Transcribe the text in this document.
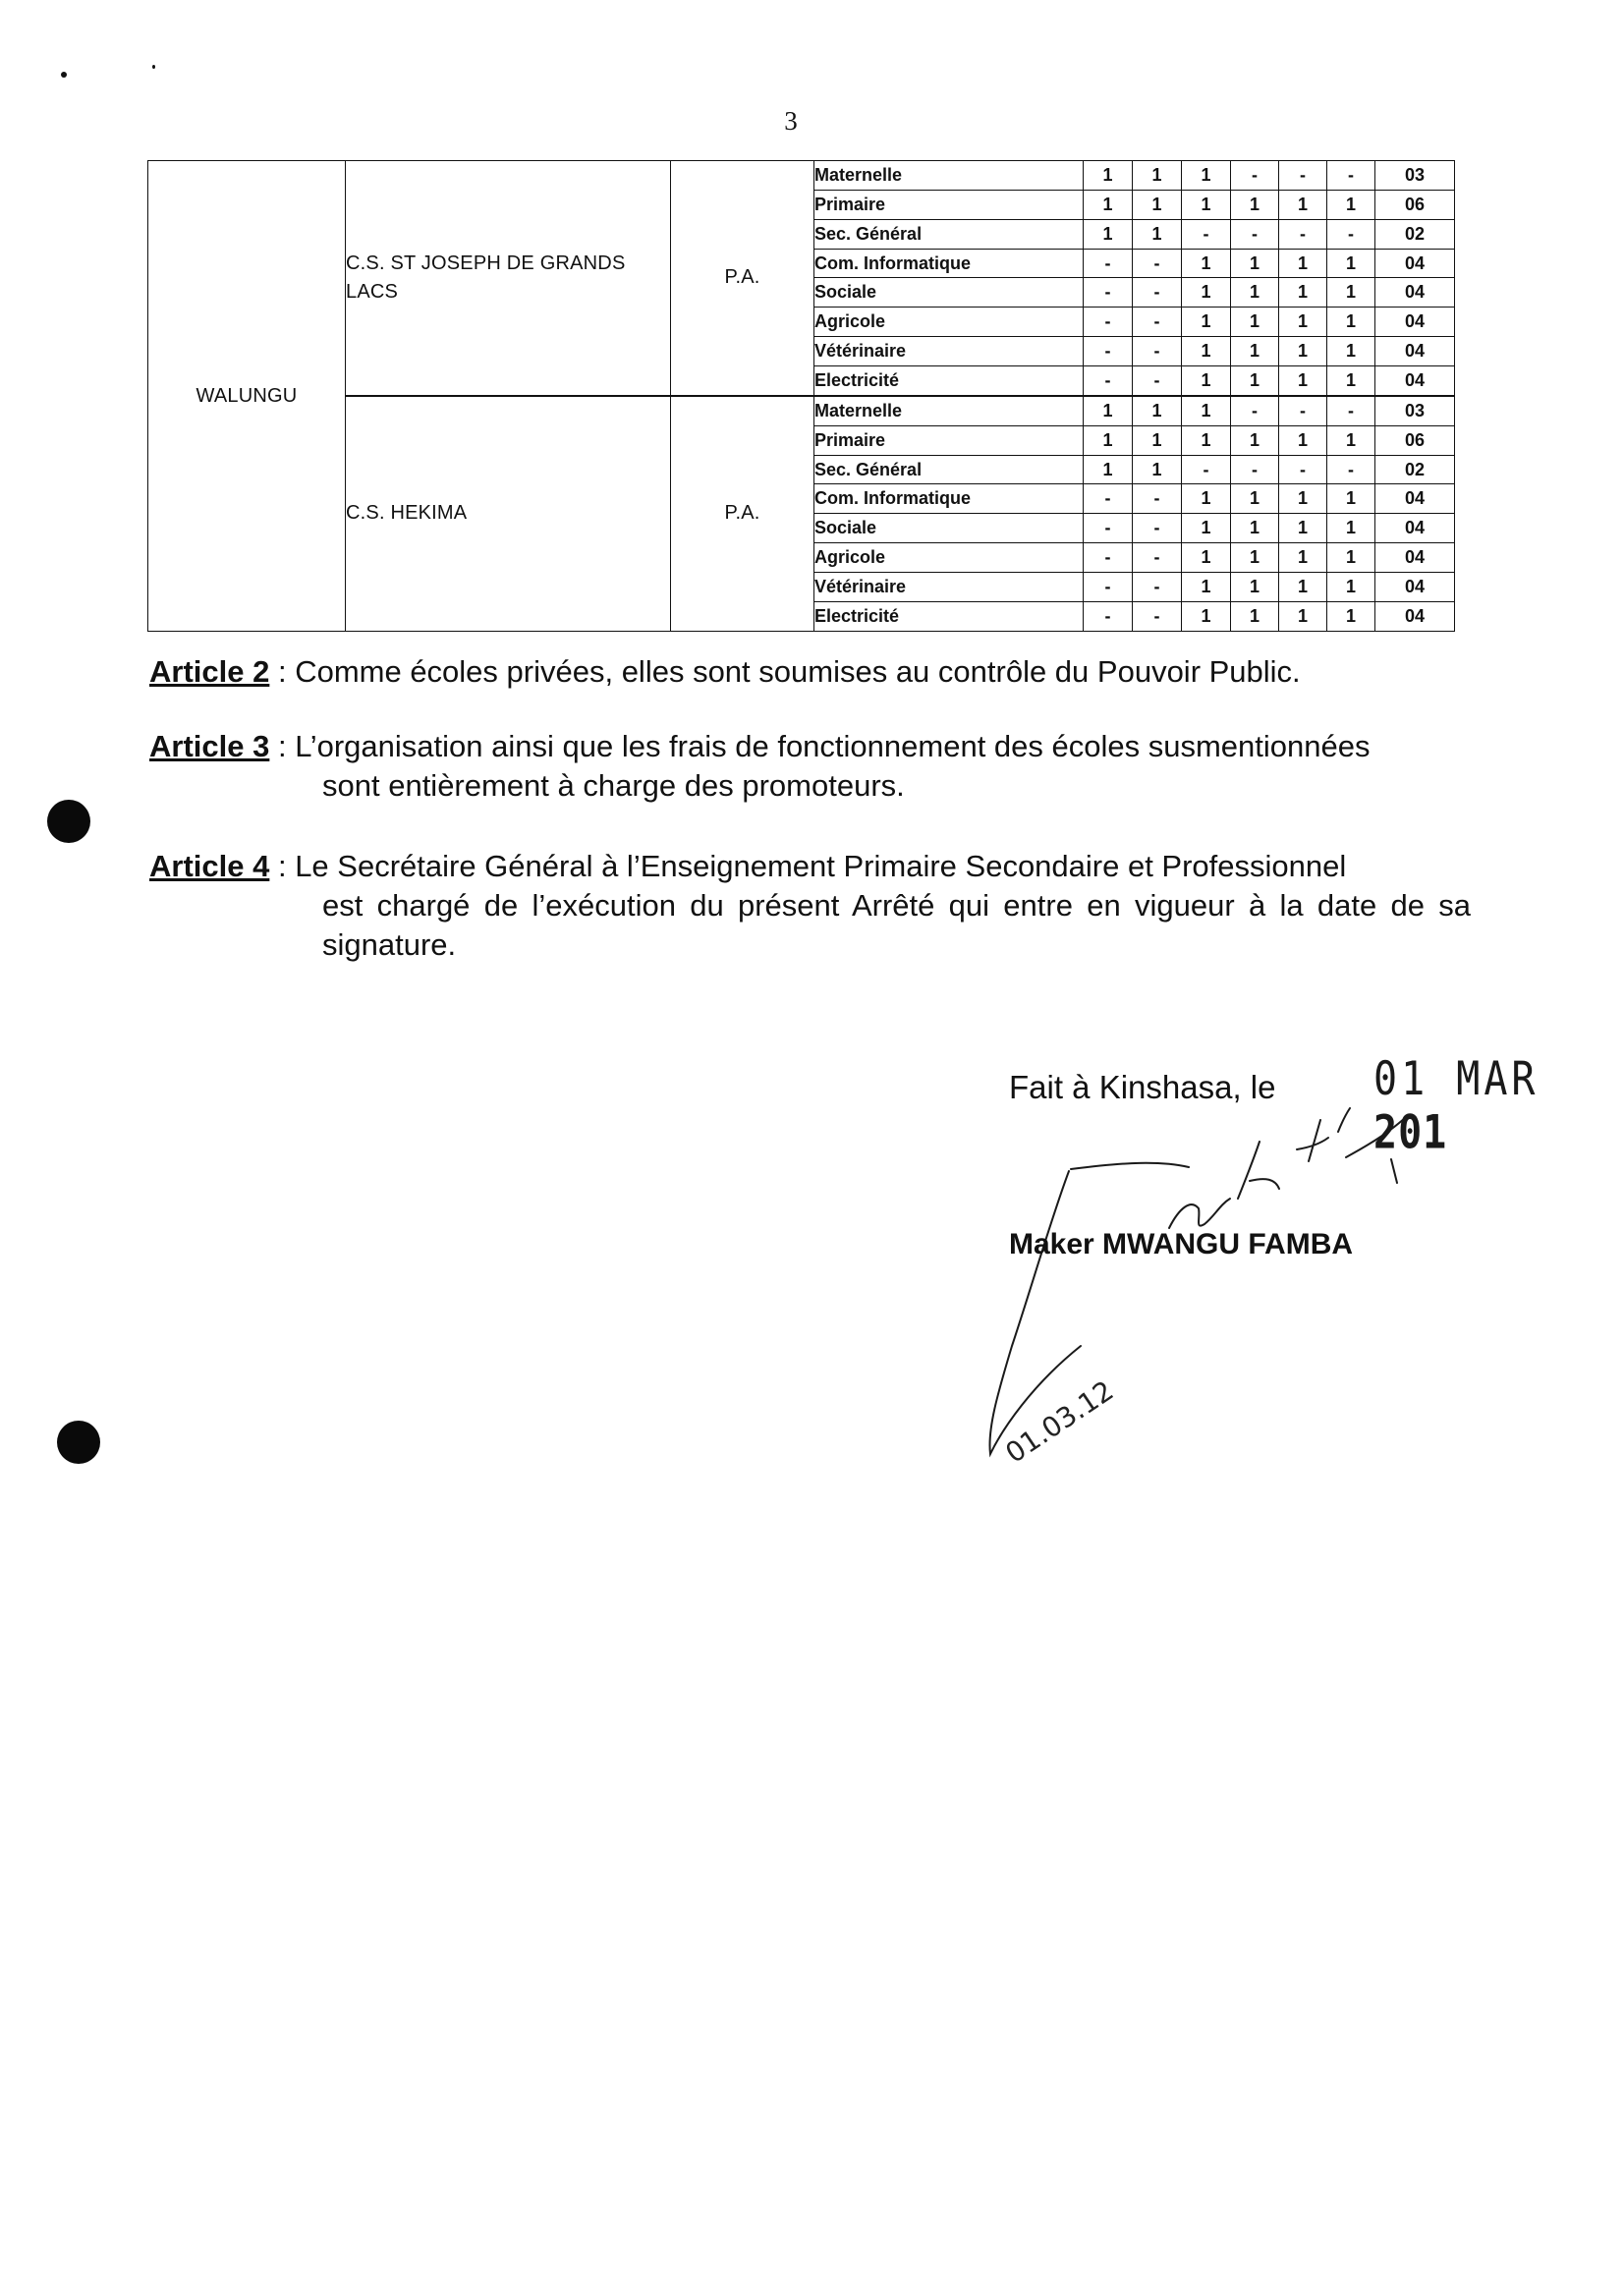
3
WALUNGU	C.S. ST JOSEPH DE GRANDS LACS	P.A.	Maternelle	1	1	1	-	-	-	03
			Primaire	1	1	1	1	1	1	06
			Sec. Général	1	1	-	-	-	-	02
			Com. Informatique	-	-	1	1	1	1	04
			Sociale	-	-	1	1	1	1	04
			Agricole	-	-	1	1	1	1	04
			Vétérinaire	-	-	1	1	1	1	04
			Electricité	-	-	1	1	1	1	04
	C.S. HEKIMA	P.A.	Maternelle	1	1	1	-	-	-	03
			Primaire	1	1	1	1	1	1	06
			Sec. Général	1	1	-	-	-	-	02
			Com. Informatique	-	-	1	1	1	1	04
			Sociale	-	-	1	1	1	1	04
			Agricole	-	-	1	1	1	1	04
			Vétérinaire	-	-	1	1	1	1	04
			Electricité	-	-	1	1	1	1	04
Article 2 : Comme écoles privées, elles sont soumises au contrôle du Pouvoir Public.
Article 3 : L’organisation ainsi que les frais de fonctionnement des écoles susmentionnées
sont entièrement à charge des promoteurs.
Article 4 : Le Secrétaire Général à l’Enseignement Primaire Secondaire et Professionnel
est chargé de l’exécution du présent Arrêté qui entre en vigueur à la date de sa signature.
Fait à Kinshasa, le 01 MAR 201
01.03.12
Maker MWANGU FAMBA
